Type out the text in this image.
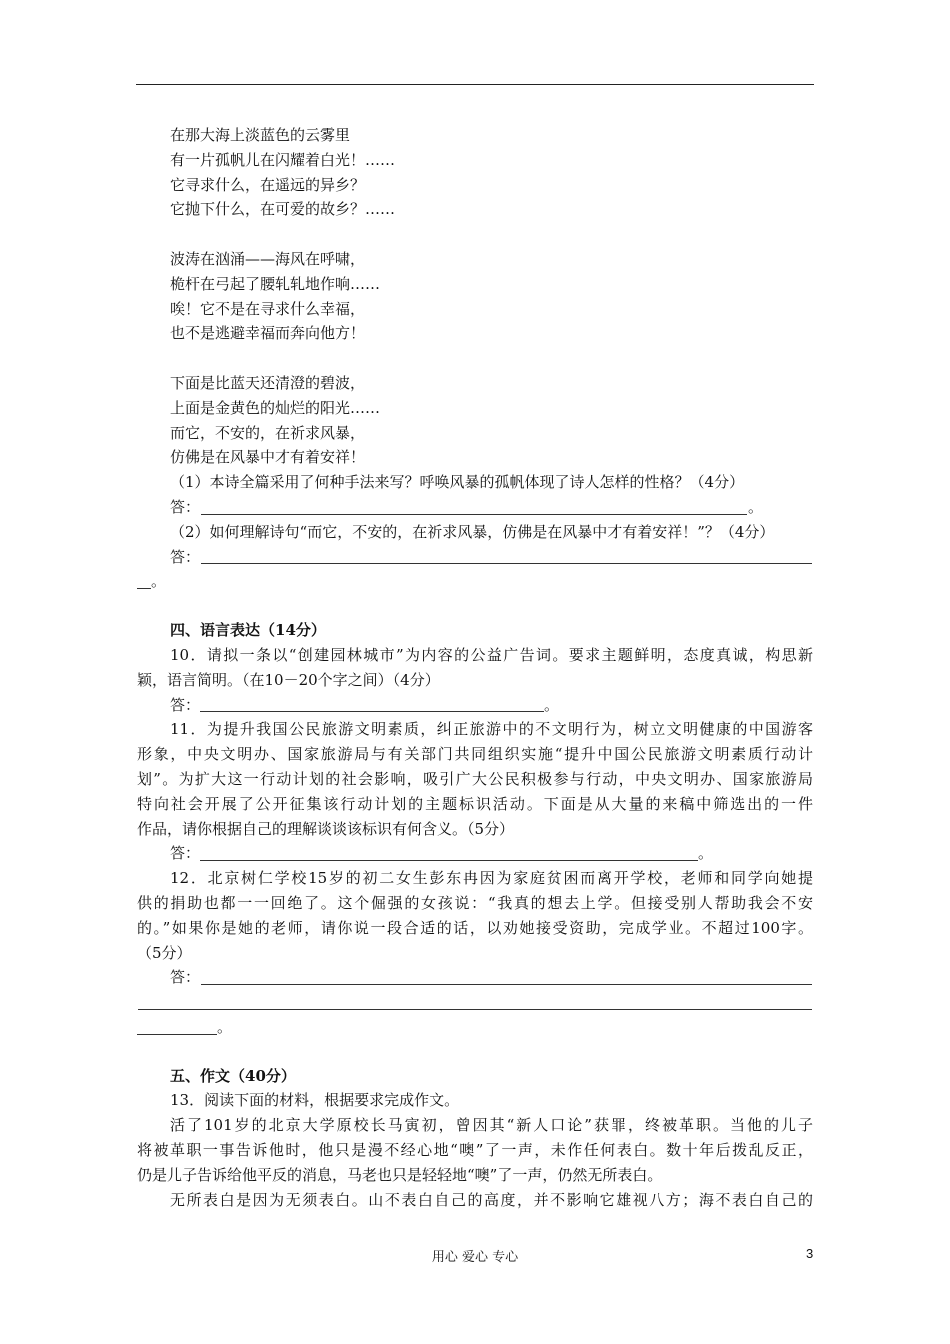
在那大海上淡蓝色的云雾里
有一片孤帆儿在闪耀着白光！……
它寻求什么，在遥远的异乡？
它抛下什么，在可爱的故乡？……
波涛在汹涌——海风在呼啸，
桅杆在弓起了腰轧轧地作响……
唉！它不是在寻求什么幸福，
也不是逃避幸福而奔向他方！
下面是比蓝天还清澄的碧波，
上面是金黄色的灿烂的阳光……
而它，不安的，在祈求风暴，
仿佛是在风暴中才有着安祥！
（1）本诗全篇采用了何种手法来写？呼唤风暴的孤帆体现了诗人怎样的性格？（4分）
答：	。
（2）如何理解诗句“而它，不安的，在祈求风暴，仿佛是在风暴中才有着安祥！”？（4分）
答：
。
四、语言表达（14分）
10．请拟一条以“创建园林城市”为内容的公益广告词。要求主题鲜明，态度真诚，构思新
颖，语言简明。（在10－20个字之间）（4分）
答：	。
11．为提升我国公民旅游文明素质，纠正旅游中的不文明行为，树立文明健康的中国游客
形象，中央文明办、国家旅游局与有关部门共同组织实施“提升中国公民旅游文明素质行动计
划”。为扩大这一行动计划的社会影响，吸引广大公民积极参与行动，中央文明办、国家旅游局
特向社会开展了公开征集该行动计划的主题标识活动。下面是从大量的来稿中筛选出的一件
作品，请你根据自己的理解谈谈该标识有何含义。（5分）
答：	。
12．北京树仁学校15岁的初二女生彭东冉因为家庭贫困而离开学校，老师和同学向她提
供的捐助也都一一回绝了。这个倔强的女孩说：“我真的想去上学。但接受别人帮助我会不安
的。”如果你是她的老师，请你说一段合适的话，以劝她接受资助，完成学业。不超过100字。
（5分）
答：
。
五、作文（40分）
13．阅读下面的材料，根据要求完成作文。
活了101岁的北京大学原校长马寅初，曾因其“新人口论”获罪，终被革职。当他的儿子
将被革职一事告诉他时，他只是漫不经心地“噢”了一声，未作任何表白。数十年后拨乱反正，
仍是儿子告诉给他平反的消息，马老也只是轻轻地“噢”了一声，仍然无所表白。
无所表白是因为无须表白。山不表白自己的高度，并不影响它雄视八方；海不表白自己的
用心 爱心 专心	3
